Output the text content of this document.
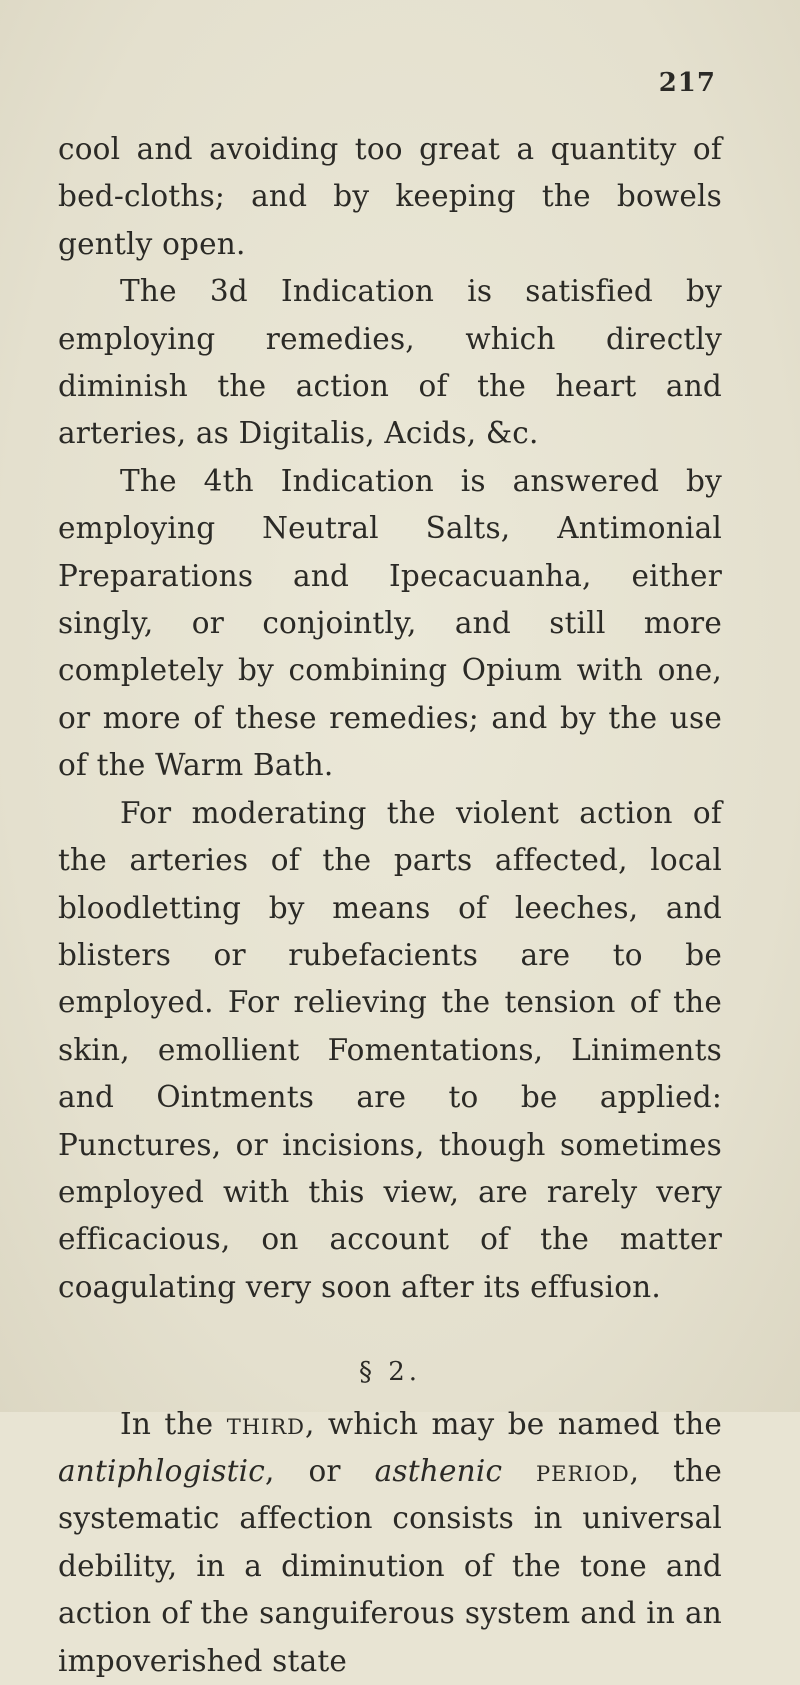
217

cool and avoiding too great a quantity of bed-cloths; and by keeping the bowels gently open.

The 3d Indication is satisfied by employing remedies, which directly diminish the action of the heart and arteries, as Digitalis, Acids, &c.

The 4th Indication is answered by employing Neutral Salts, Antimonial Preparations and Ipecacuanha, either singly, or conjointly, and still more completely by combining Opium with one, or more of these remedies; and by the use of the Warm Bath.

For moderating the violent action of the arteries of the parts affected, local bloodletting by means of leeches, and blisters or rubefacients are to be employed. For relieving the tension of the skin, emollient Fomentations, Liniments and Ointments are to be applied: Punctures, or incisions, though sometimes employed with this view, are rarely very efficacious, on account of the matter coagulating very soon after its effusion.

§ 2.

In the third, which may be named the antiphlogistic, or asthenic period, the systematic affection consists in universal debility, in a diminution of the tone and action of the sanguiferous system and in an impoverished state
